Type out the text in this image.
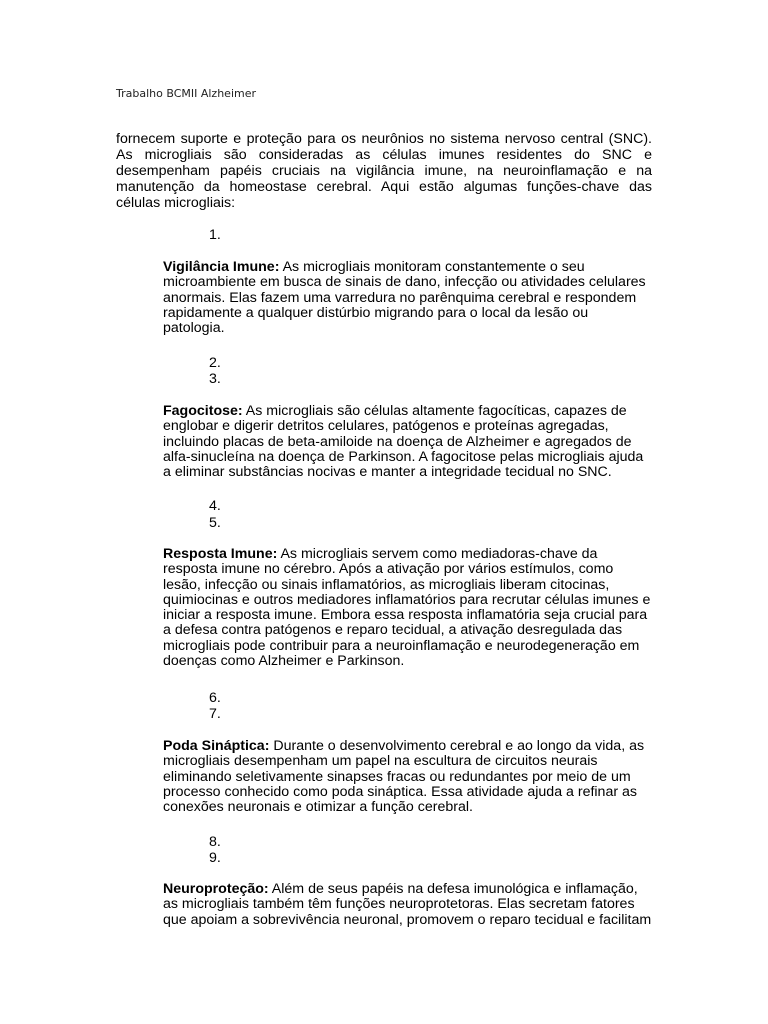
Trabalho BCMII Alzheimer

fornecem suporte e proteção para os neurônios no sistema nervoso central (SNC). As microgliais são consideradas as células imunes residentes do SNC e desempenham papéis cruciais na vigilância imune, na neuroinflamação e na manutenção da homeostase cerebral. Aqui estão algumas funções-chave das células microgliais:

1.

Vigilância Imune: As microgliais monitoram constantemente o seu microambiente em busca de sinais de dano, infecção ou atividades celulares anormais. Elas fazem uma varredura no parênquima cerebral e respondem rapidamente a qualquer distúrbio migrando para o local da lesão ou patologia.

2.
3.

Fagocitose: As microgliais são células altamente fagocíticas, capazes de englobar e digerir detritos celulares, patógenos e proteínas agregadas, incluindo placas de beta-amiloide na doença de Alzheimer e agregados de alfa-sinucleína na doença de Parkinson. A fagocitose pelas microgliais ajuda a eliminar substâncias nocivas e manter a integridade tecidual no SNC.

4.
5.

Resposta Imune: As microgliais servem como mediadoras-chave da resposta imune no cérebro. Após a ativação por vários estímulos, como lesão, infecção ou sinais inflamatórios, as microgliais liberam citocinas, quimiocinas e outros mediadores inflamatórios para recrutar células imunes e iniciar a resposta imune. Embora essa resposta inflamatória seja crucial para a defesa contra patógenos e reparo tecidual, a ativação desregulada das microgliais pode contribuir para a neuroinflamação e neurodegeneração em doenças como Alzheimer e Parkinson.

6.
7.

Poda Sináptica: Durante o desenvolvimento cerebral e ao longo da vida, as microgliais desempenham um papel na escultura de circuitos neurais eliminando seletivamente sinapses fracas ou redundantes por meio de um processo conhecido como poda sináptica. Essa atividade ajuda a refinar as conexões neuronais e otimizar a função cerebral.

8.
9.

Neuroproteção: Além de seus papéis na defesa imunológica e inflamação, as microgliais também têm funções neuroprotetoras. Elas secretam fatores que apoiam a sobrevivência neuronal, promovem o reparo tecidual e facilitam
